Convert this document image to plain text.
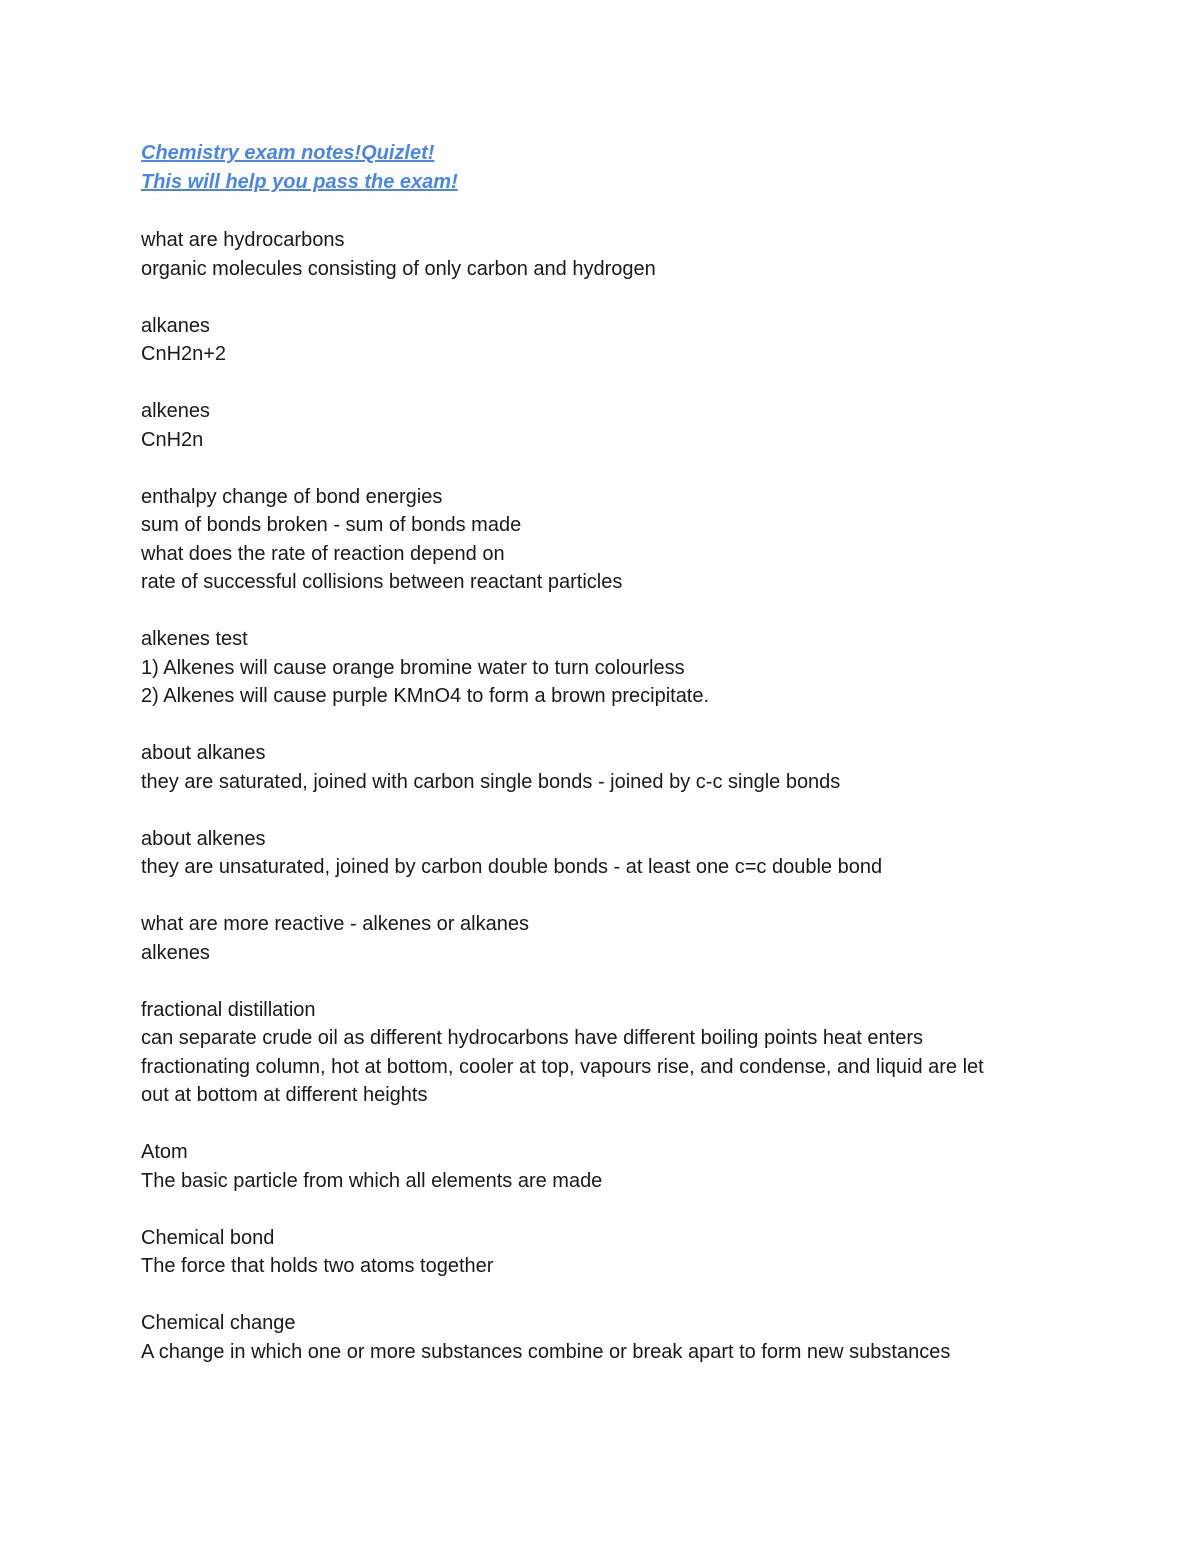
Chemistry exam notes!Quizlet!
This will help you pass the exam!
what are hydrocarbons
organic molecules consisting of only carbon and hydrogen
alkanes
CnH2n+2
alkenes
CnH2n
enthalpy change of bond energies
sum of bonds broken - sum of bonds made
what does the rate of reaction depend on
rate of successful collisions between reactant particles
alkenes test
1) Alkenes will cause orange bromine water to turn colourless
2) Alkenes will cause purple KMnO4 to form a brown precipitate.
about alkanes
they are saturated, joined with carbon single bonds - joined by c-c single bonds
about alkenes
they are unsaturated, joined by carbon double bonds - at least one c=c double bond
what are more reactive - alkenes or alkanes
alkenes
fractional distillation
can separate crude oil as different hydrocarbons have different boiling points heat enters
fractionating column, hot at bottom, cooler at top, vapours rise, and condense, and liquid are let
out at bottom at different heights
Atom
The basic particle from which all elements are made
Chemical bond
The force that holds two atoms together
Chemical change
A change in which one or more substances combine or break apart to form new substances
